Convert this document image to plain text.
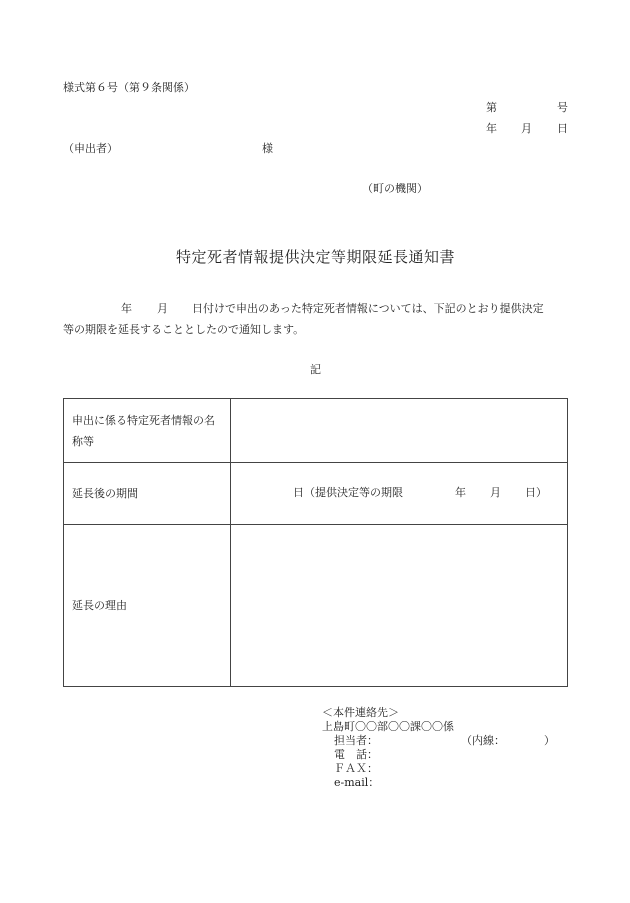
様式第６号（第９条関係）
第	号
年 月 日
（申出者）	様
（町の機関）
特定死者情報提供決定等期限延長通知書
年 月 日付けで申出のあった特定死者情報については、下記のとおり提供決定
等の期限を延長することとしたので通知します。
記
申出に係る特定死者情報の名称等	
延長後の期間	日（提供決定等の期限 年 月 日）

延長の理由	
＜本件連絡先＞
上島町〇〇部〇〇課〇〇係
担当者：	（内線：	）
電　話：
ＦＡＸ：
e-mail：
